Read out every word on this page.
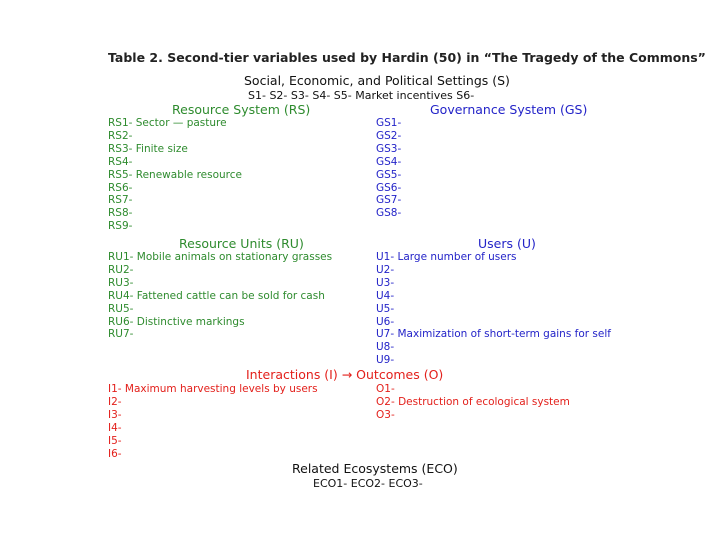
Table 2. Second-tier variables used by Hardin (50) in “The Tragedy of the Commons”
Social, Economic, and Political Settings (S)
S1- S2- S3- S4- S5- Market incentives S6-
Resource System (RS)	Governance System (GS)
RS1- Sector — pasture
RS2-
RS3- Finite size
RS4-
RS5- Renewable resource
RS6-
RS7-
RS8-
RS9-
GS1-
GS2-
GS3-
GS4-
GS5-
GS6-
GS7-
GS8-
Resource Units (RU)	Users (U)
RU1- Mobile animals on stationary grasses
RU2-
RU3-
RU4- Fattened cattle can be sold for cash
RU5-
RU6- Distinctive markings
RU7-
U1- Large number of users
U2-
U3-
U4-
U5-
U6-
U7- Maximization of short-term gains for self
U8-
U9-
Interactions (I) → Outcomes (O)
I1- Maximum harvesting levels by users
I2-
I3-
I4-
I5-
I6-
O1-
O2- Destruction of ecological system
O3-
Related Ecosystems (ECO)
ECO1- ECO2- ECO3-
